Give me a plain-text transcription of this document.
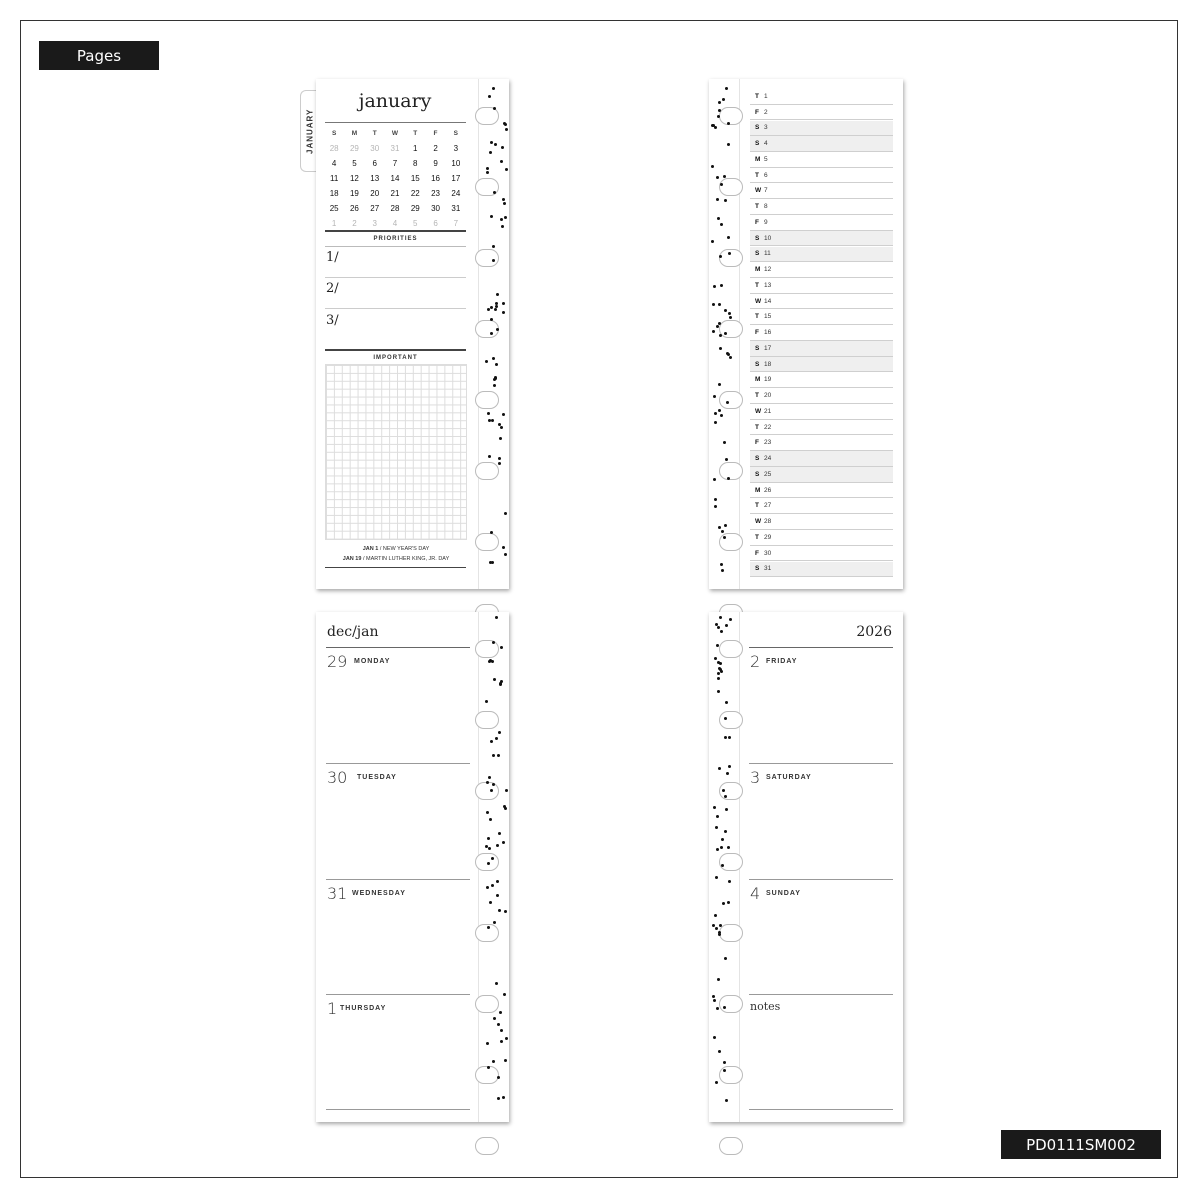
Pages
PD0111SM002
JANUARY
january
S	M	T	W	T	F	S
28	29	30	31	1	2	3
4	5	6	7	8	9	10
11	12	13	14	15	16	17
18	19	20	21	22	23	24
25	26	27	28	29	30	31
1	2	3	4	5	6	7
PRIORITIES
1/
2/
3/
IMPORTANT
JAN 1 / NEW YEAR'S DAY
JAN 19 / MARTIN LUTHER KING, JR. DAY
T 1
F 2
S 3
S 4
M 5
T 6
W 7
T 8
F 9
S 10
S 11
M 12
T 13
W 14
T 15
F 16
S 17
S 18
M 19
T 20
W 21
T 22
F 23
S 24
S 25
M 26
T 27
W 28
T 29
F 30
S 31
dec/jan
29 MONDAY
30 TUESDAY
31 WEDNESDAY
1 THURSDAY
2026
2 FRIDAY
3 SATURDAY
4 SUNDAY
notes
